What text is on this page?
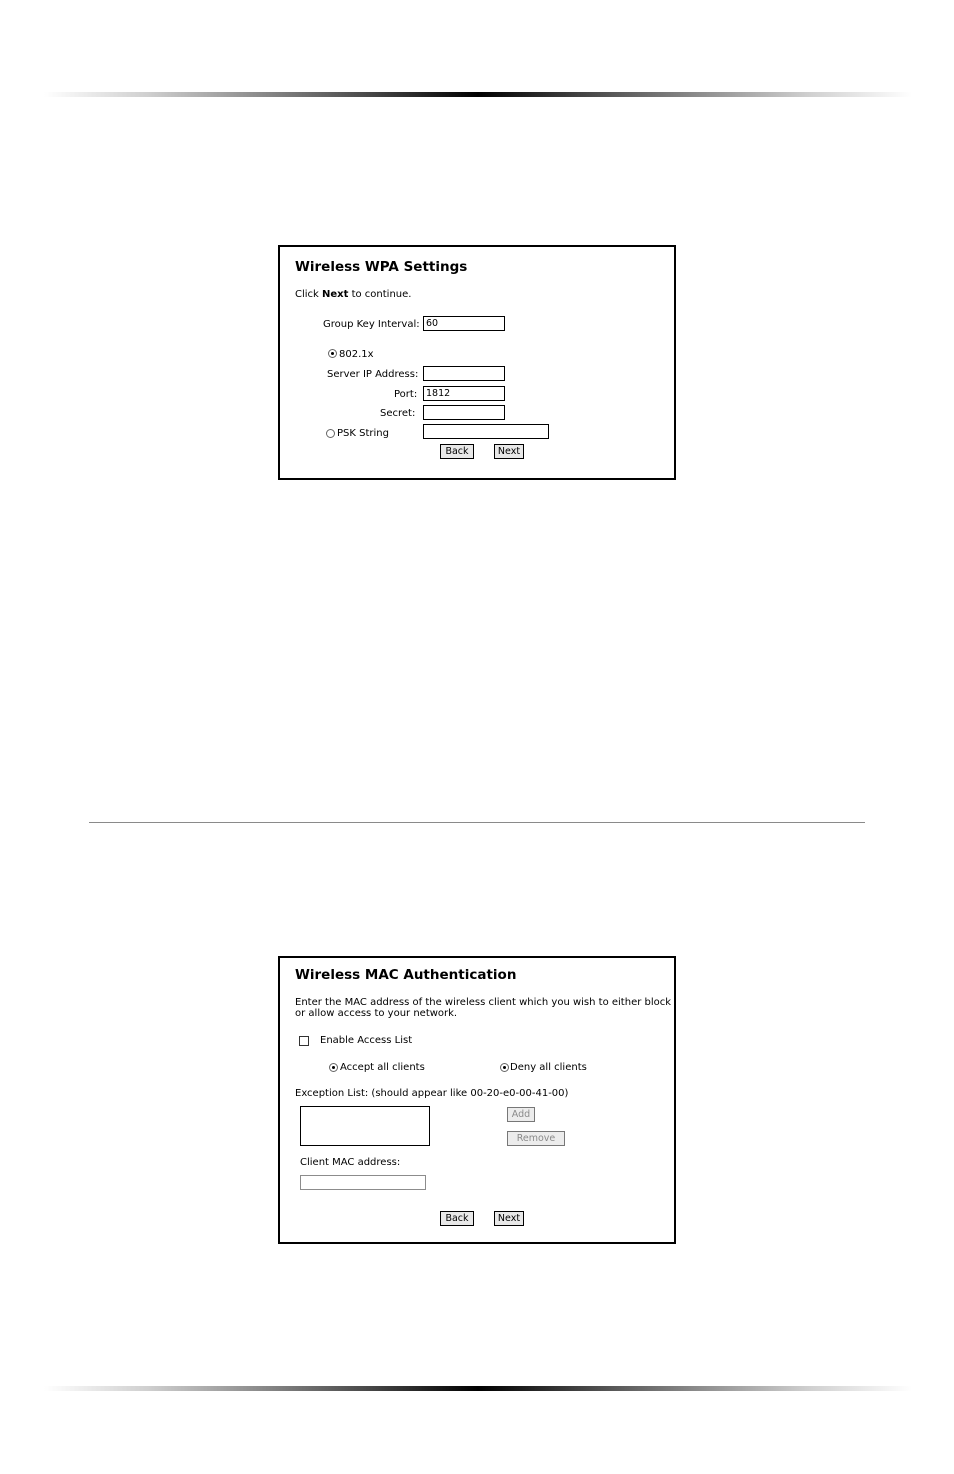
Wireless WPA Settings
Click Next to continue.
Group Key Interval:
60
802.1x
Server IP Address:
Port:
1812
Secret:
PSK String
Back	Next
Wireless MAC Authentication
Enter the MAC address of the wireless client which you wish to either block
or allow access to your network.
Enable Access List
Accept all clients	Deny all clients
Exception List: (should appear like 00-20-e0-00-41-00)
Add
Remove
Client MAC address:
Back	Next
